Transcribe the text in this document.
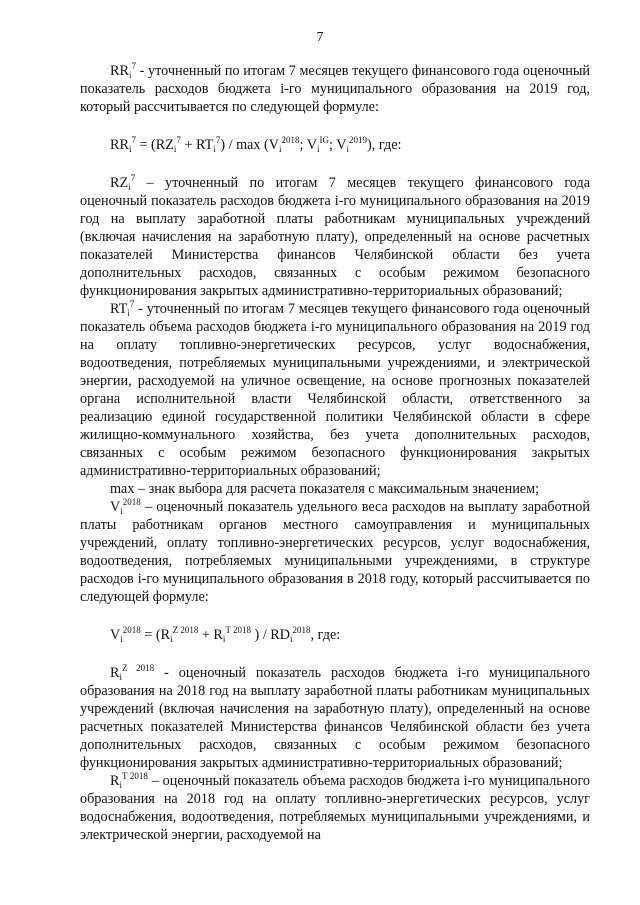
7

$RR_i^7$ - уточненный по итогам 7 месяцев текущего финансового года оценочный показатель расходов бюджета i-го муниципального образования на 2019 год, который рассчитывается по следующей формуле:

$RR_i^7 = (RZ_i^7 + RT_i^7) / \max (V_i^{2018}$; $V_i^{IG}$; $V_i^{2019}$), где:

$RZ_i^7$ – уточненный по итогам 7 месяцев текущего финансового года оценочный показатель расходов бюджета i-го муниципального образования на 2019 год на выплату заработной платы работникам муниципальных учреждений (включая начисления на заработную плату), определенный на основе расчетных показателей Министерства финансов Челябинской области без учета дополнительных расходов, связанных с особым режимом безопасного функционирования закрытых административно-территориальных образований;

$RT_i^7$ - уточненный по итогам 7 месяцев текущего финансового года оценочный показатель объема расходов бюджета i-го муниципального образования на 2019 год на оплату топливно-энергетических ресурсов, услуг водоснабжения, водоотведения, потребляемых муниципальными учреждениями, и электрической энергии, расходуемой на уличное освещение, на основе прогнозных показателей органа исполнительной власти Челябинской области, ответственного за реализацию единой государственной политики Челябинской области в сфере жилищно-коммунального хозяйства, без учета дополнительных расходов, связанных с особым режимом безопасного функционирования закрытых административно-территориальных образований;

max – знак выбора для расчета показателя с максимальным значением;

$V_i^{2018}$ – оценочный показатель удельного веса расходов на выплату заработной платы работникам органов местного самоуправления и муниципальных учреждений, оплату топливно-энергетических ресурсов, услуг водоснабжения, водоотведения, потребляемых муниципальными учреждениями, в структуре расходов i-го муниципального образования в 2018 году, который рассчитывается по следующей формуле:

$V_i^{2018} = (R_i^{Z 2018} + R_i^{T 2018}$ ) / $RD_i^{2018}$, где:

$R_i^{Z 2018}$ - оценочный показатель расходов бюджета i-го муниципального образования на 2018 год на выплату заработной платы работникам муниципальных учреждений (включая начисления на заработную плату), определенный на основе расчетных показателей Министерства финансов Челябинской области без учета дополнительных расходов, связанных с особым режимом безопасного функционирования закрытых административно-территориальных образований;

$R_i^{T 2018}$ – оценочный показатель объема расходов бюджета i-го муниципального образования на 2018 год на оплату топливно-энергетических ресурсов, услуг водоснабжения, водоотведения, потребляемых муниципальными учреждениями, и электрической энергии, расходуемой на
